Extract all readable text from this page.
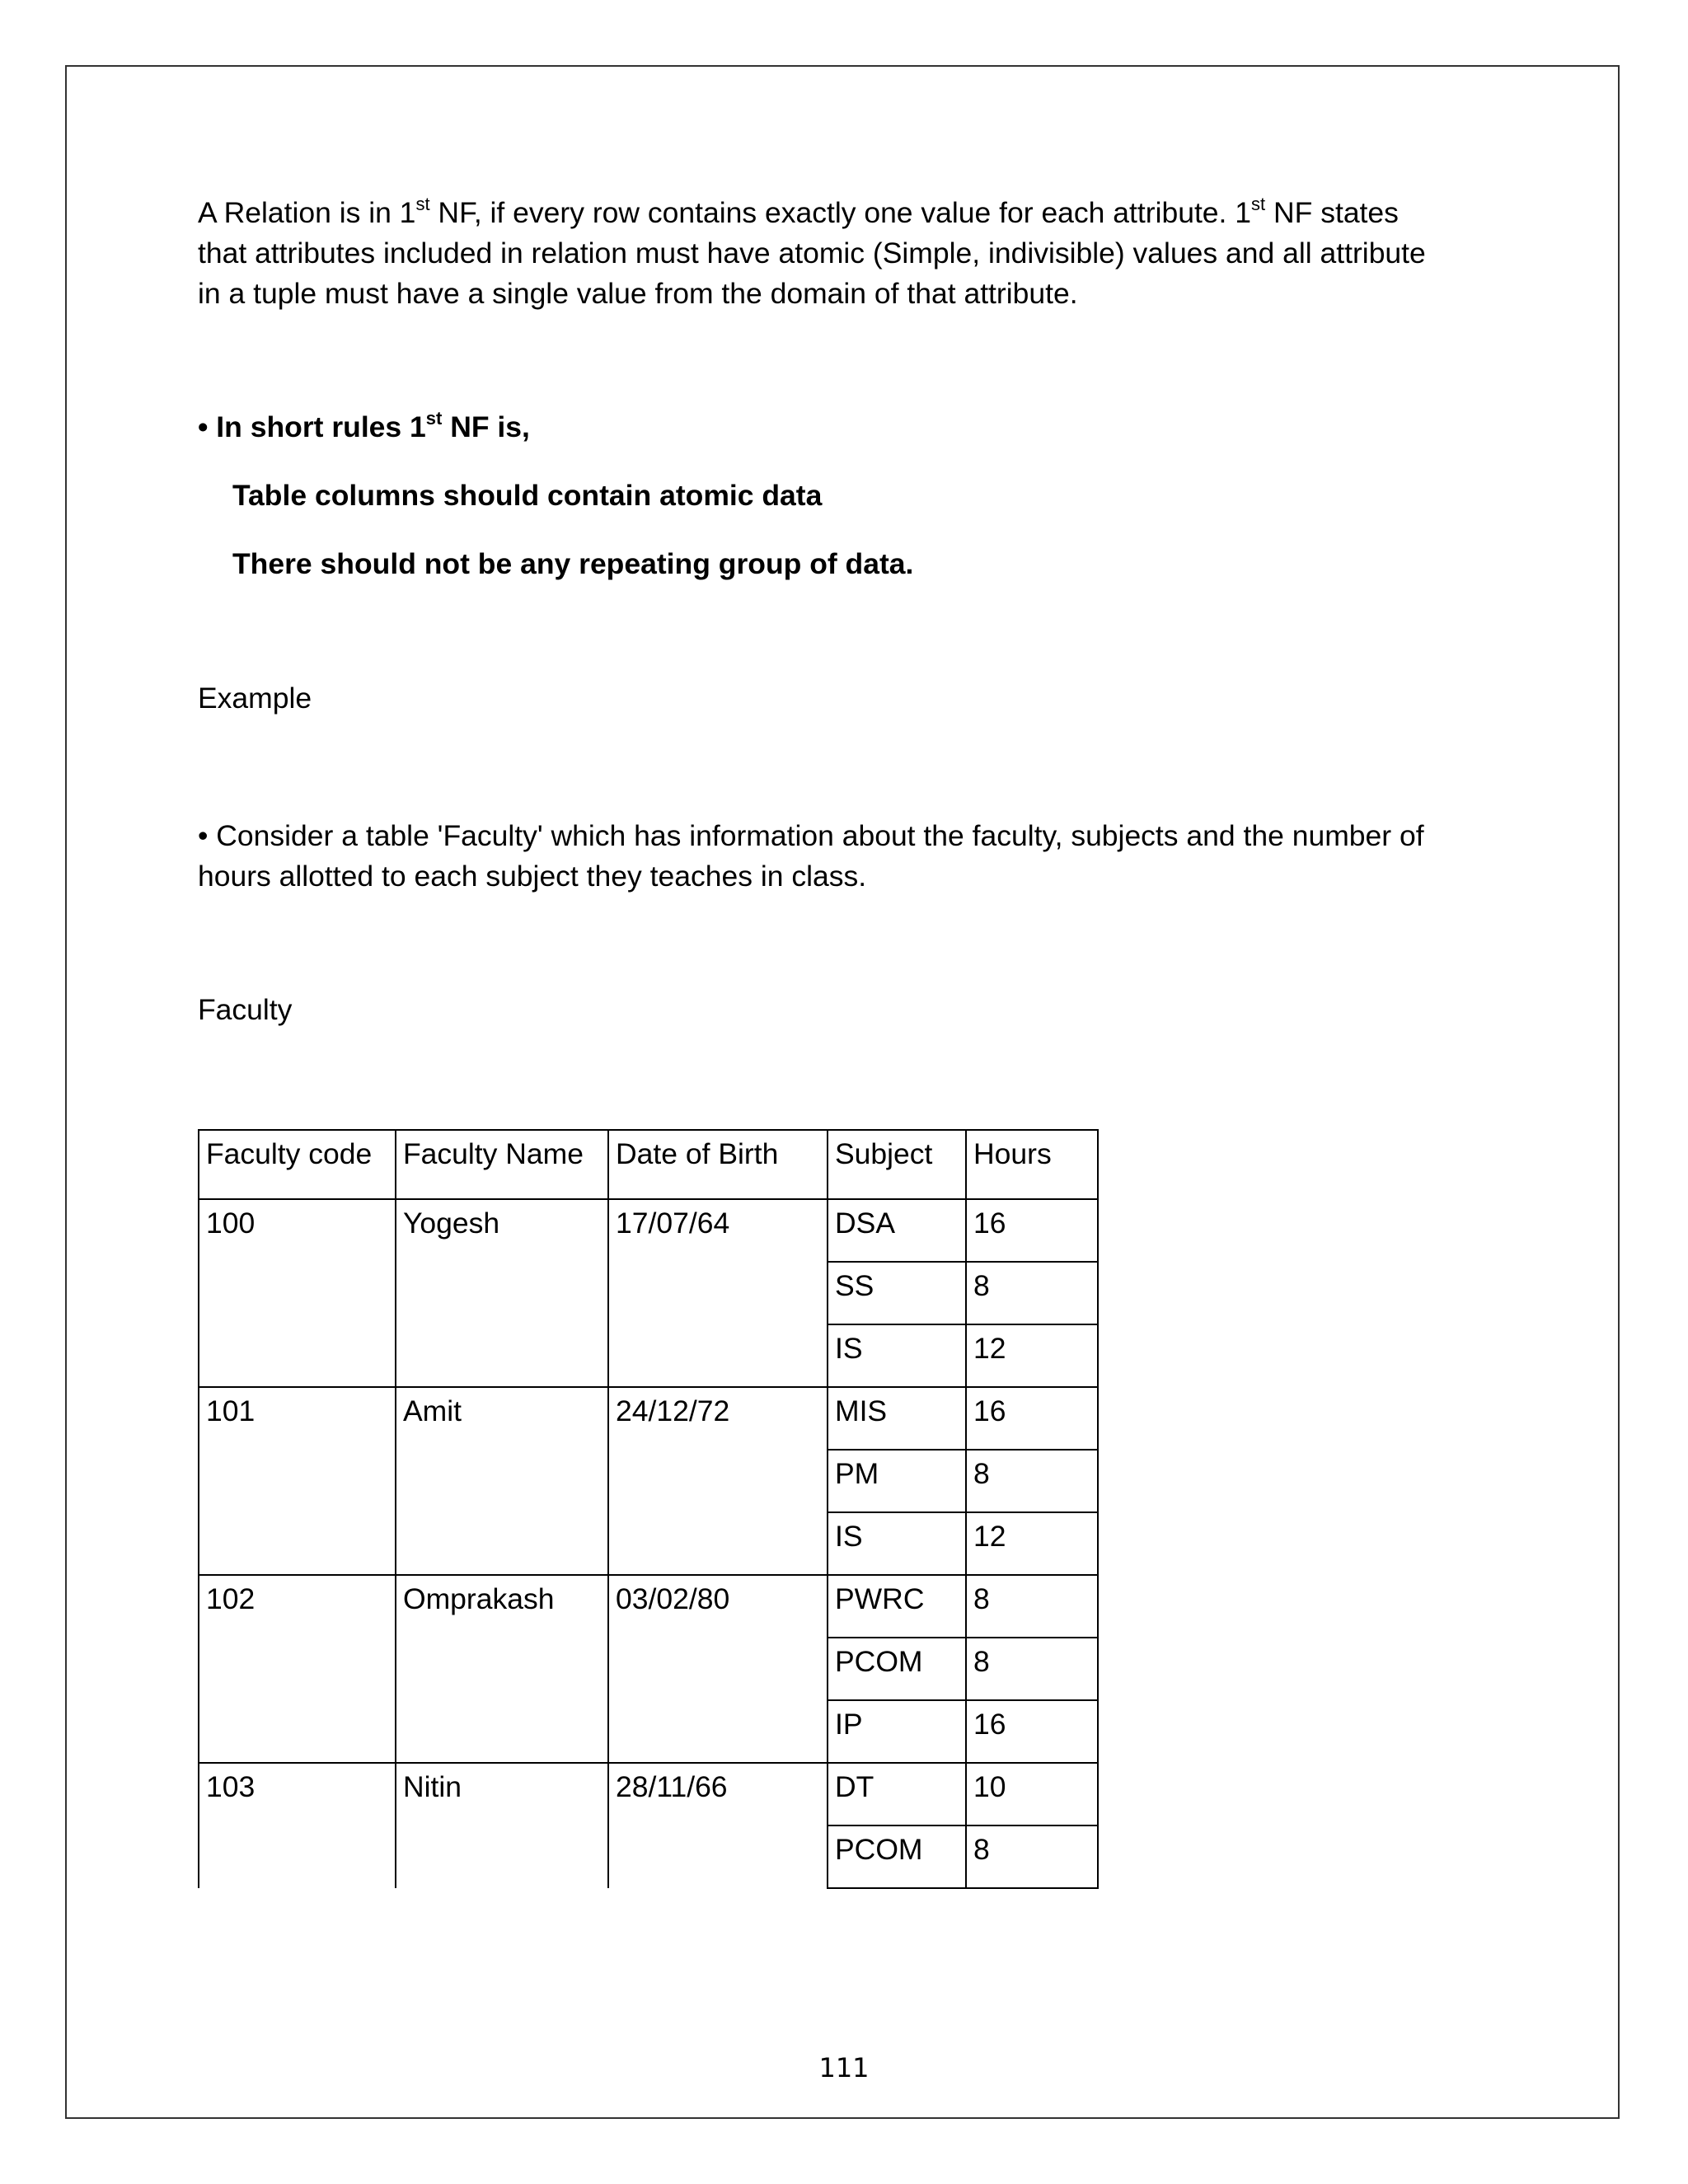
A Relation is in 1st NF, if every row contains exactly one value for each attribute. 1st NF states
that attributes included in relation must have atomic (Simple, indivisible) values and all attribute
in a tuple must have a single value from the domain of that attribute.
• In short rules 1st NF is,
Table columns should contain atomic data
There should not be any repeating group of data.
Example
• Consider a table 'Faculty' which has information about the faculty, subjects and the number of
hours allotted to each subject they teaches in class.
Faculty
Faculty code	Faculty Name	Date of Birth	Subject	Hours
100	Yogesh	17/07/64	DSA	16
			SS	8
			IS	12
101	Amit	24/12/72	MIS	16
			PM	8
			IS	12
102	Omprakash	03/02/80	PWRC	8
			PCOM	8
			IP	16
103	Nitin	28/11/66	DT	10
			PCOM	8
111
